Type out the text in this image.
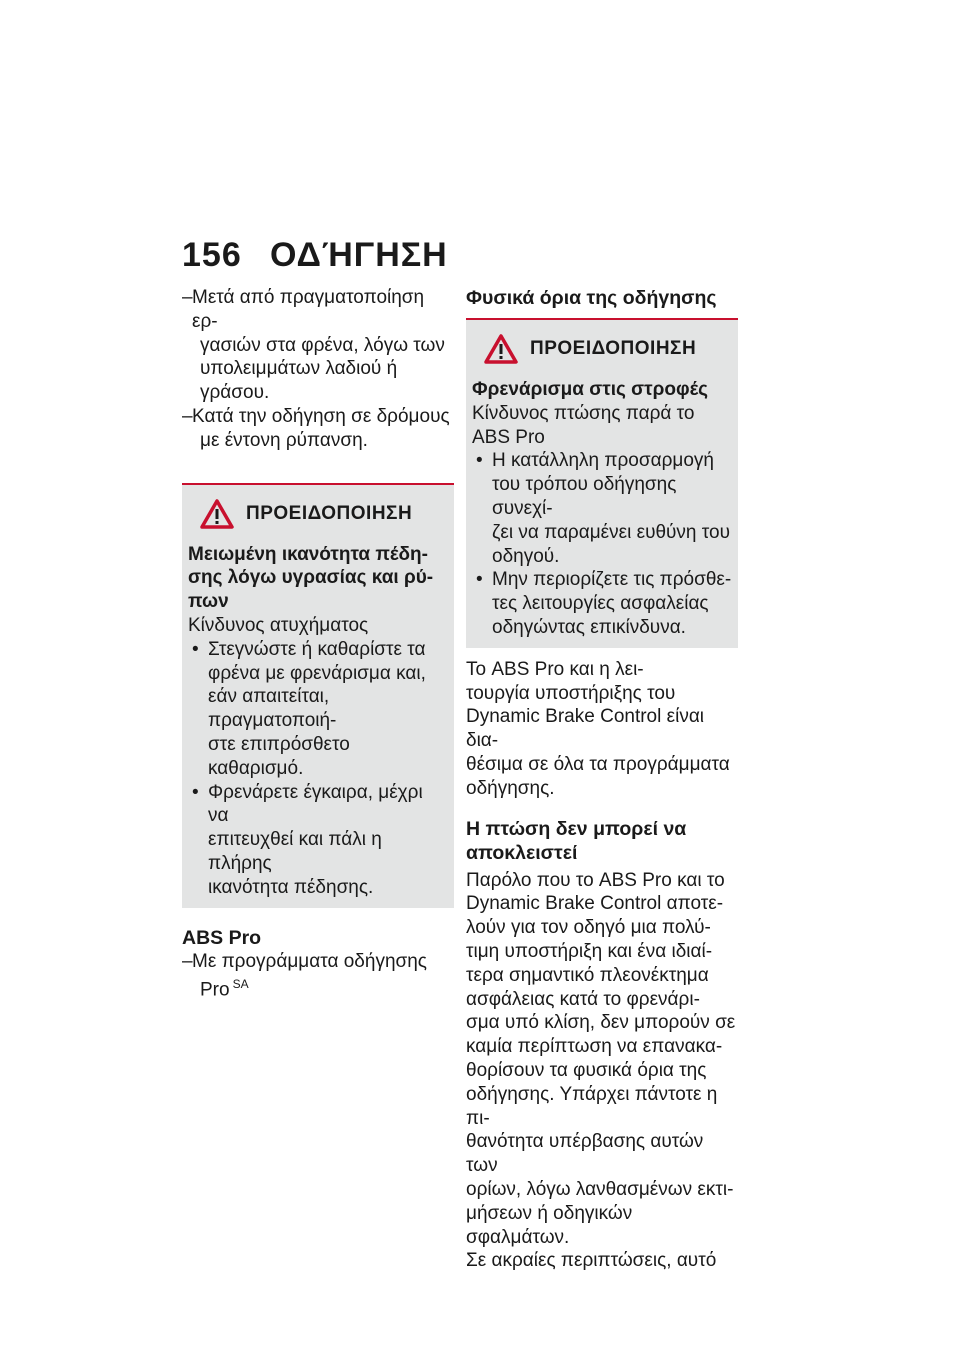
156 ΟΔΉΓΗΣΗ
– Μετά από πραγματοποίηση ερ-
γασιών στα φρένα, λόγω των
υπολειμμάτων λαδιού ή γράσου.
– Κατά την οδήγηση σε δρόμους
με έντονη ρύπανση.
ΠΡΟΕΙΔΟΠΟΙΗΣΗ

Μειωμένη ικανότητα πέδη-
σης λόγω υγρασίας και ρύ-
πων

Κίνδυνος ατυχήματος

• Στεγνώστε ή καθαρίστε τα
φρένα με φρενάρισμα και,
εάν απαιτείται, πραγματοποιή-
στε επιπρόσθετο καθαρισμό.
• Φρενάρετε έγκαιρα, μέχρι να
επιτευχθεί και πάλι η πλήρης
ικανότητα πέδησης.
ABS Pro
– Με προγράμματα οδήγησης
Pro $^{SA}$
Φυσικά όρια της οδήγησης
ΠΡΟΕΙΔΟΠΟΙΗΣΗ

Φρενάρισμα στις στροφές

Κίνδυνος πτώσης παρά το
ABS Pro

• Η κατάλληλη προσαρμογή
του τρόπου οδήγησης συνεχί-
ζει να παραμένει ευθύνη του
οδηγού.
• Μην περιορίζετε τις πρόσθε-
τες λειτουργίες ασφαλείας
οδηγώντας επικίνδυνα.

Το ABS Pro και η λει-
τουργία υποστήριξης του
Dynamic Brake Control είναι δια-
θέσιμα σε όλα τα προγράμματα
οδήγησης.

Η πτώση δεν μπορεί να
αποκλειστεί

Παρόλο που το ABS Pro και το
Dynamic Brake Control αποτε-
λούν για τον οδηγό μια πολύ-
τιμη υποστήριξη και ένα ιδιαί-
τερα σημαντικό πλεονέκτημα
ασφάλειας κατά το φρενάρι-
σμα υπό κλίση, δεν μπορούν σε
καμία περίπτωση να επανακα-
θορίσουν τα φυσικά όρια της
οδήγησης. Υπάρχει πάντοτε η πι-
θανότητα υπέρβασης αυτών των
ορίων, λόγω λανθασμένων εκτι-
μήσεων ή οδηγικών σφαλμάτων.
Σε ακραίες περιπτώσεις, αυτό
